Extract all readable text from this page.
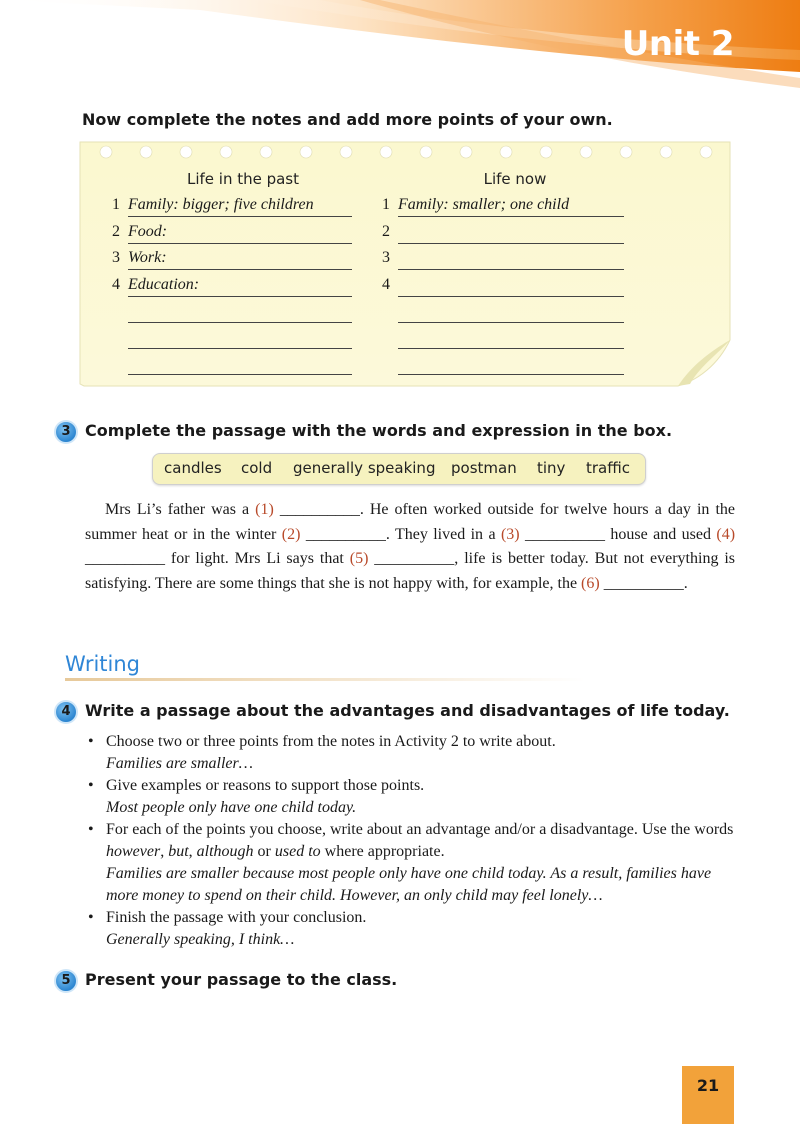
Unit 2
Now complete the notes and add more points of your own.
Life in the past	Life now
1 Family: bigger; five children
2 Food:
3 Work:
4 Education:
1 Family: smaller; one child
2
3
4
3 Complete the passage with the words and expression in the box.
candles cold generally speaking postman tiny traffic
Mrs Li’s father was a (1) __________. He often worked outside for twelve hours a day in the summer heat or in the winter (2) __________. They lived in a (3) __________ house and used (4) __________ for light. Mrs Li says that (5) __________, life is better today. But not everything is satisfying. There are some things that she is not happy with, for example, the (6) __________.
Writing
4 Write a passage about the advantages and disadvantages of life today.
• Choose two or three points from the notes in Activity 2 to write about.
Families are smaller…
• Give examples or reasons to support those points.
Most people only have one child today.
• For each of the points you choose, write about an advantage and/or a disadvantage. Use the words however, but, although or used to where appropriate.
Families are smaller because most people only have one child today. As a result, families have more money to spend on their child. However, an only child may feel lonely…
• Finish the passage with your conclusion.
Generally speaking, I think…
5 Present your passage to the class.
21
